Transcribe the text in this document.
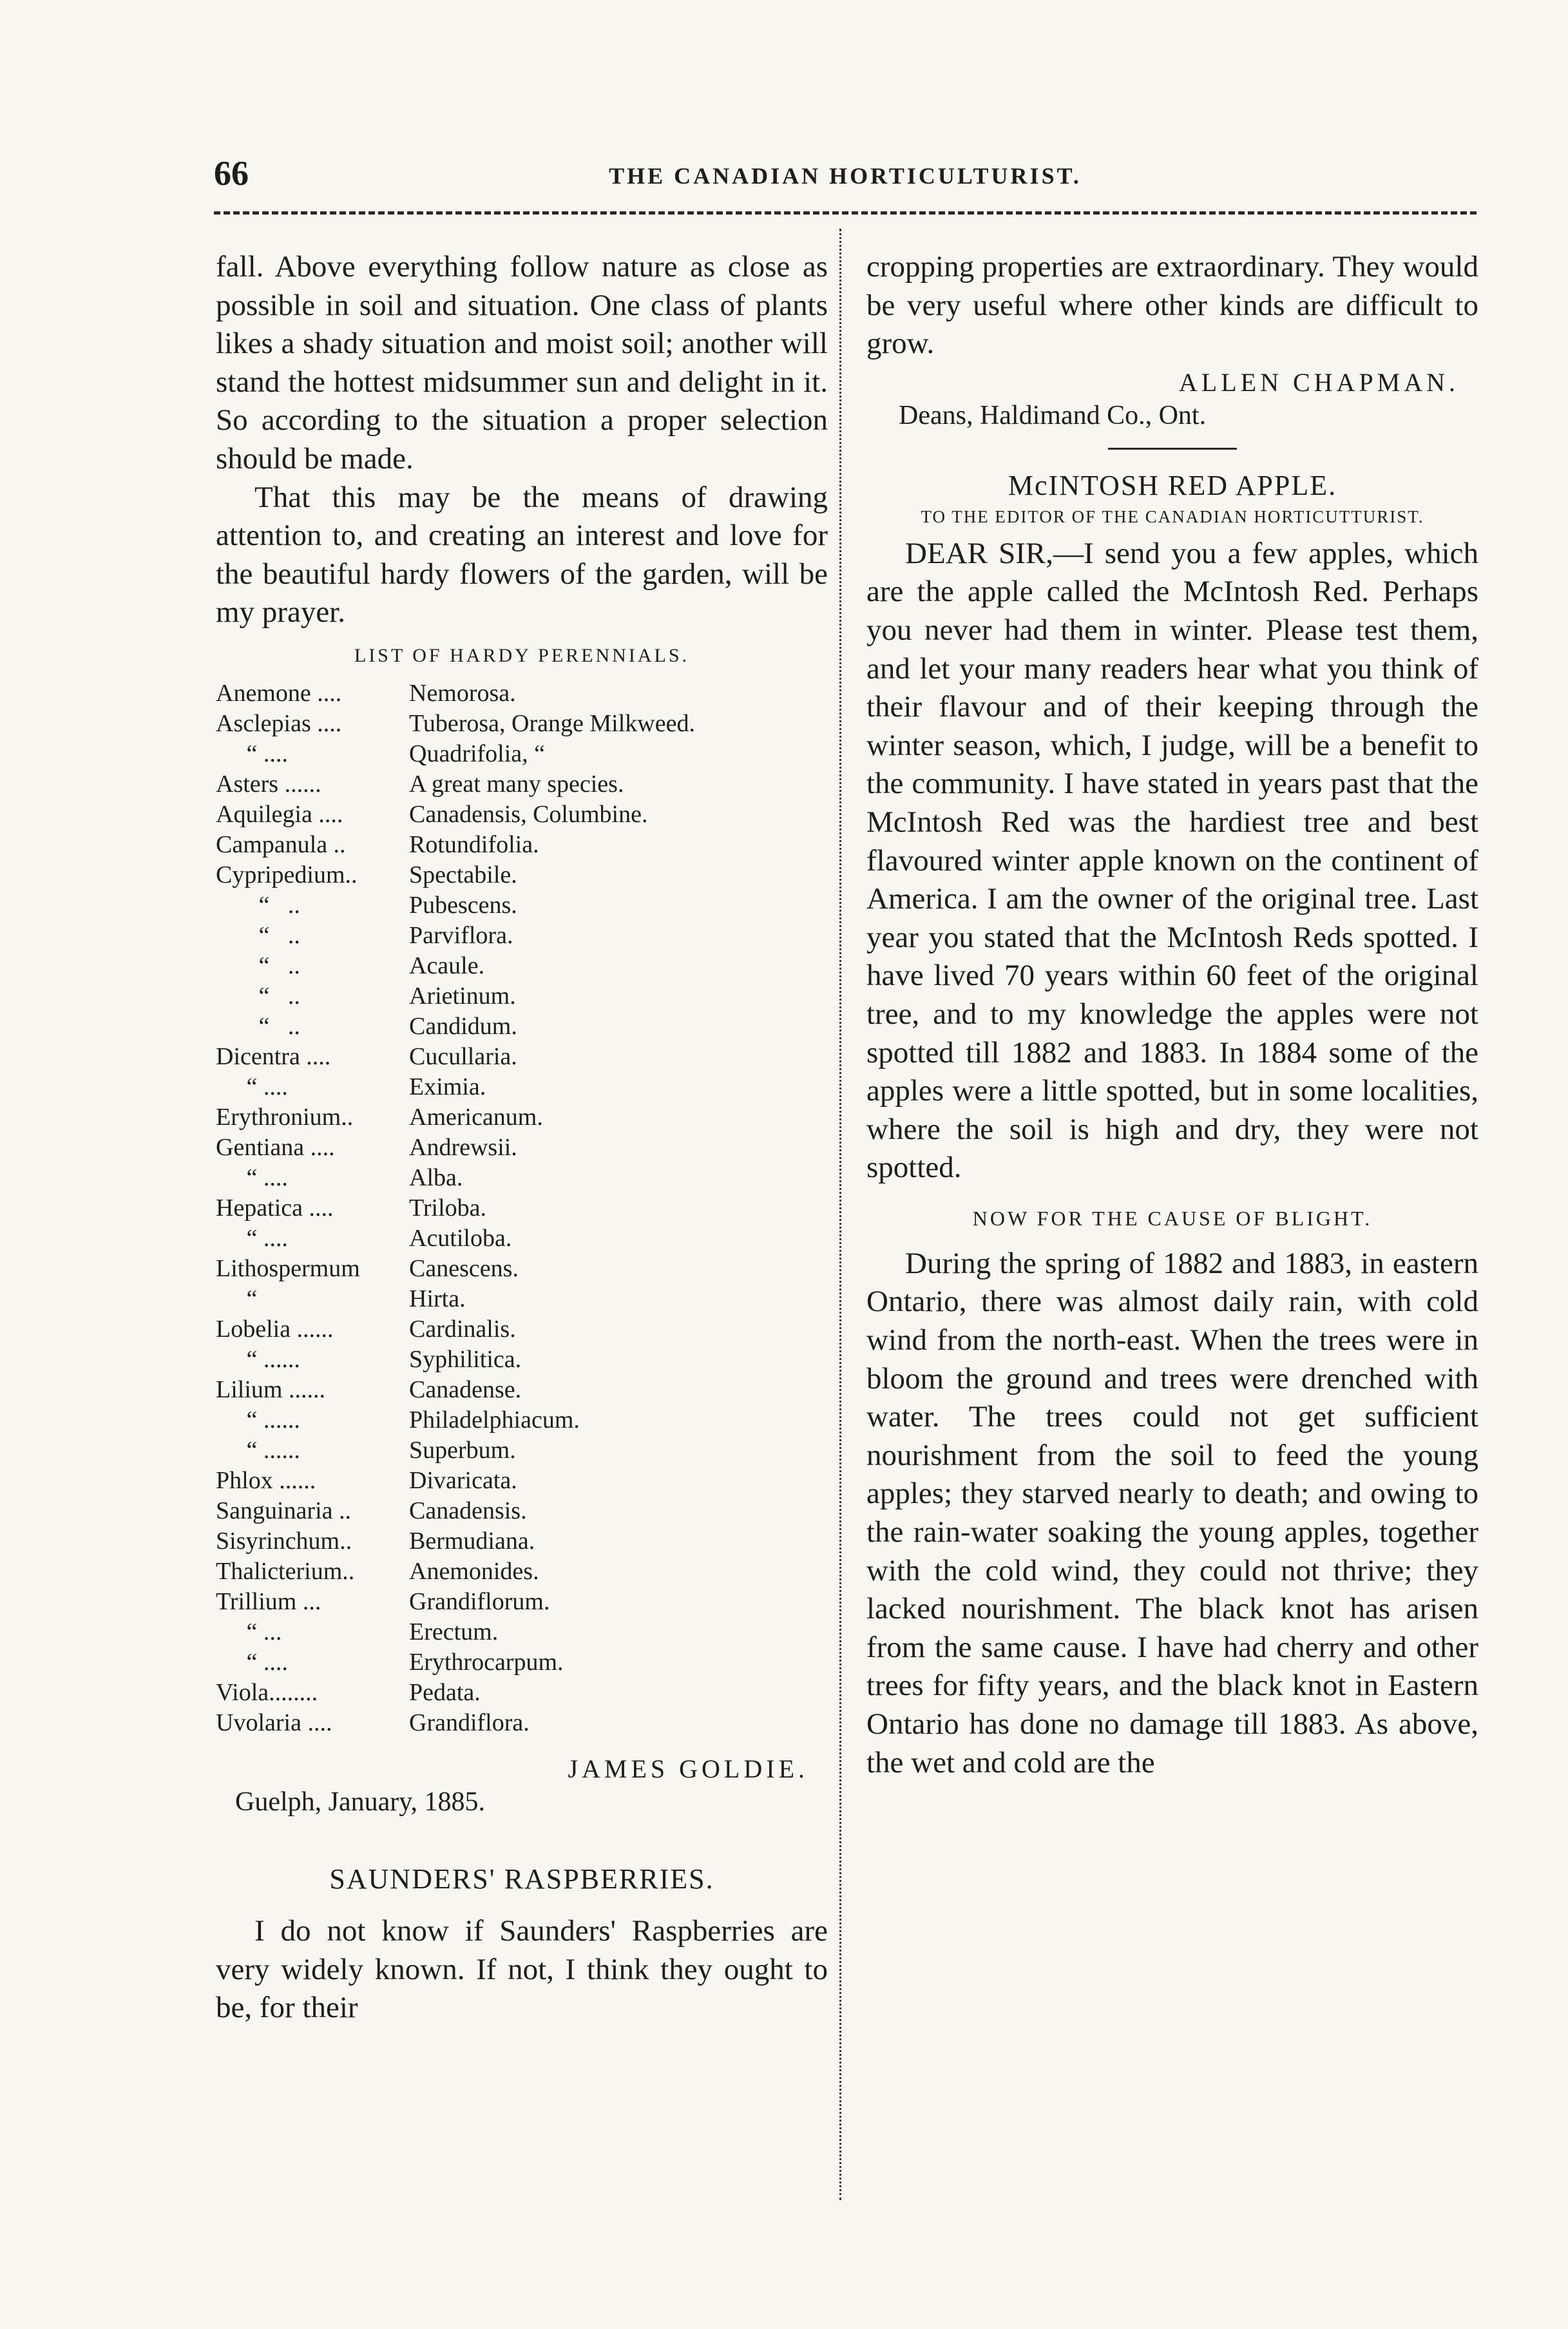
66	THE CANADIAN HORTICULTURIST.

fall. Above everything follow nature as close as possible in soil and situation. One class of plants likes a shady situation and moist soil; another will stand the hottest midsummer sun and delight in it. So according to the situation a proper selection should be made.

That this may be the means of drawing attention to, and creating an interest and love for the beautiful hardy flowers of the garden, will be my prayer.

LIST OF HARDY PERENNIALS.
Anemone ....	Nemorosa.
Asclepias ....	Tuberosa, Orange Milkweed.
“ ....	Quadrifolia, “
Asters ......	A great many species.
Aquilegia ....	Canadensis, Columbine.
Campanula ..	Rotundifolia.
Cypripedium..	Spectabile.
“   ..	Pubescens.
“   ..	Parviflora.
“   ..	Acaule.
“   ..	Arietinum.
“   ..	Candidum.
Dicentra ....	Cucullaria.
“ ....	Eximia.
Erythronium..	Americanum.
Gentiana ....	Andrewsii.
“ ....	Alba.
Hepatica ....	Triloba.
“ ....	Acutiloba.
Lithospermum	Canescens.
“	Hirta.
Lobelia ......	Cardinalis.
“ ......	Syphilitica.
Lilium ......	Canadense.
“ ......	Philadelphiacum.
“ ......	Superbum.
Phlox ......	Divaricata.
Sanguinaria ..	Canadensis.
Sisyrinchum..	Bermudiana.
Thalicterium..	Anemonides.
Trillium ...	Grandiflorum.
“ ...	Erectum.
“ ....	Erythrocarpum.
Viola........	Pedata.
Uvolaria ....	Grandiflora.
JAMES GOLDIE.
Guelph, January, 1885.
SAUNDERS' RASPBERRIES.

I do not know if Saunders' Raspberries are very widely known. If not, I think they ought to be, for their

cropping properties are extraordinary. They would be very useful where other kinds are difficult to grow.

ALLEN CHAPMAN.
Deans, Haldimand Co., Ont.
McINTOSH RED APPLE.
TO THE EDITOR OF THE CANADIAN HORTICUTTURIST.

DEAR SIR,—I send you a few apples, which are the apple called the McIntosh Red. Perhaps you never had them in winter. Please test them, and let your many readers hear what you think of their flavour and of their keeping through the winter season, which, I judge, will be a benefit to the community. I have stated in years past that the McIntosh Red was the hardiest tree and best flavoured winter apple known on the continent of America. I am the owner of the original tree. Last year you stated that the McIntosh Reds spotted. I have lived 70 years within 60 feet of the original tree, and to my knowledge the apples were not spotted till 1882 and 1883. In 1884 some of the apples were a little spotted, but in some localities, where the soil is high and dry, they were not spotted.

NOW FOR THE CAUSE OF BLIGHT.

During the spring of 1882 and 1883, in eastern Ontario, there was almost daily rain, with cold wind from the north-east. When the trees were in bloom the ground and trees were drenched with water. The trees could not get sufficient nourishment from the soil to feed the young apples; they starved nearly to death; and owing to the rain-water soaking the young apples, together with the cold wind, they could not thrive; they lacked nourishment. The black knot has arisen from the same cause. I have had cherry and other trees for fifty years, and the black knot in Eastern Ontario has done no damage till 1883. As above, the wet and cold are the
